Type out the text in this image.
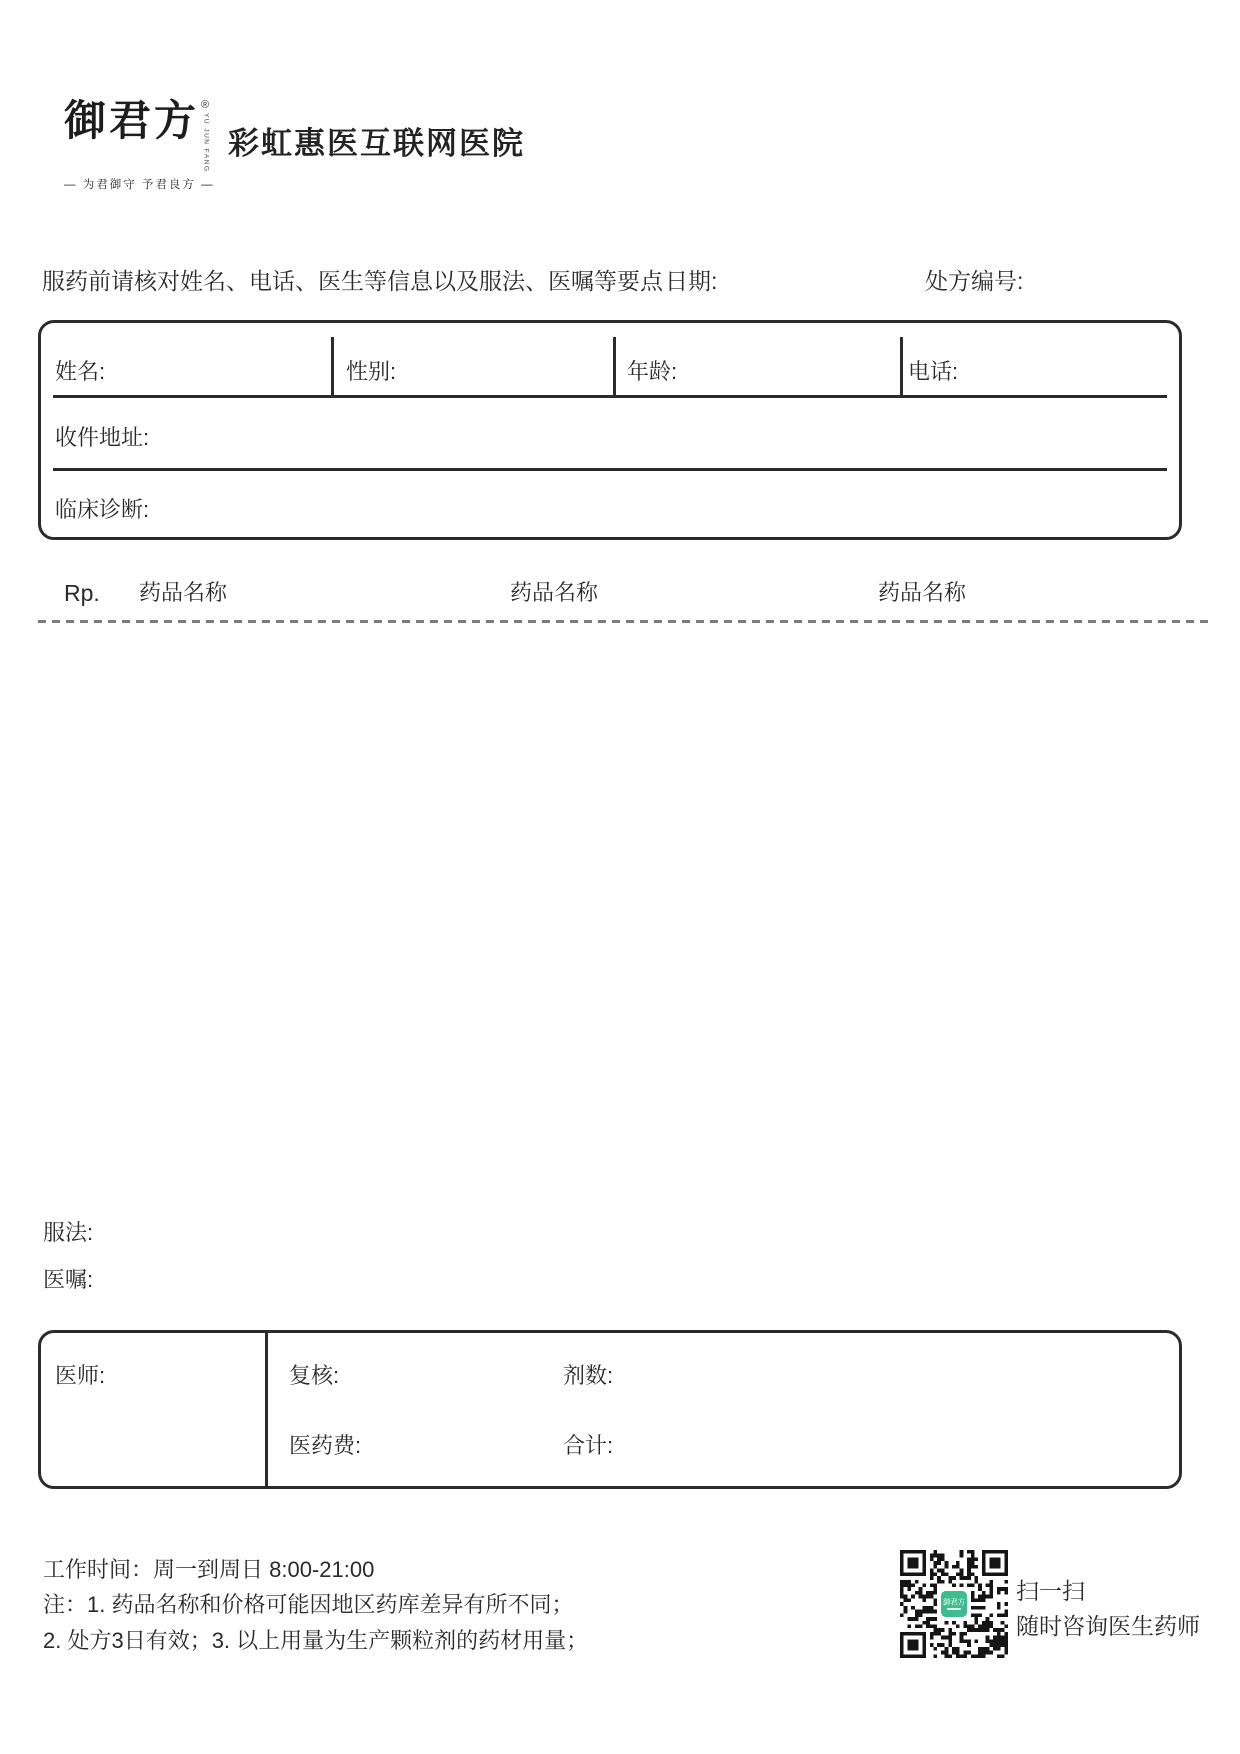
御君方 ®
YU JUN FANG
— 为君御守 予君良方 —
彩虹惠医互联网医院
服药前请核对姓名、电话、医生等信息以及服法、医嘱等要点 日期:	处方编号:
姓名:	性别:	年龄:	电话:
收件地址:
临床诊断:
Rp. 药品名称	药品名称	药品名称
服法:
医嘱:
医师:	复核:	剂数:
医药费:	合计:
工作时间：周一到周日 8:00-21:00
注：1. 药品名称和价格可能因地区药库差异有所不同；
2. 处方3日有效；3. 以上用量为生产颗粒剂的药材用量；
御君方 扫一扫
随时咨询医生药师
